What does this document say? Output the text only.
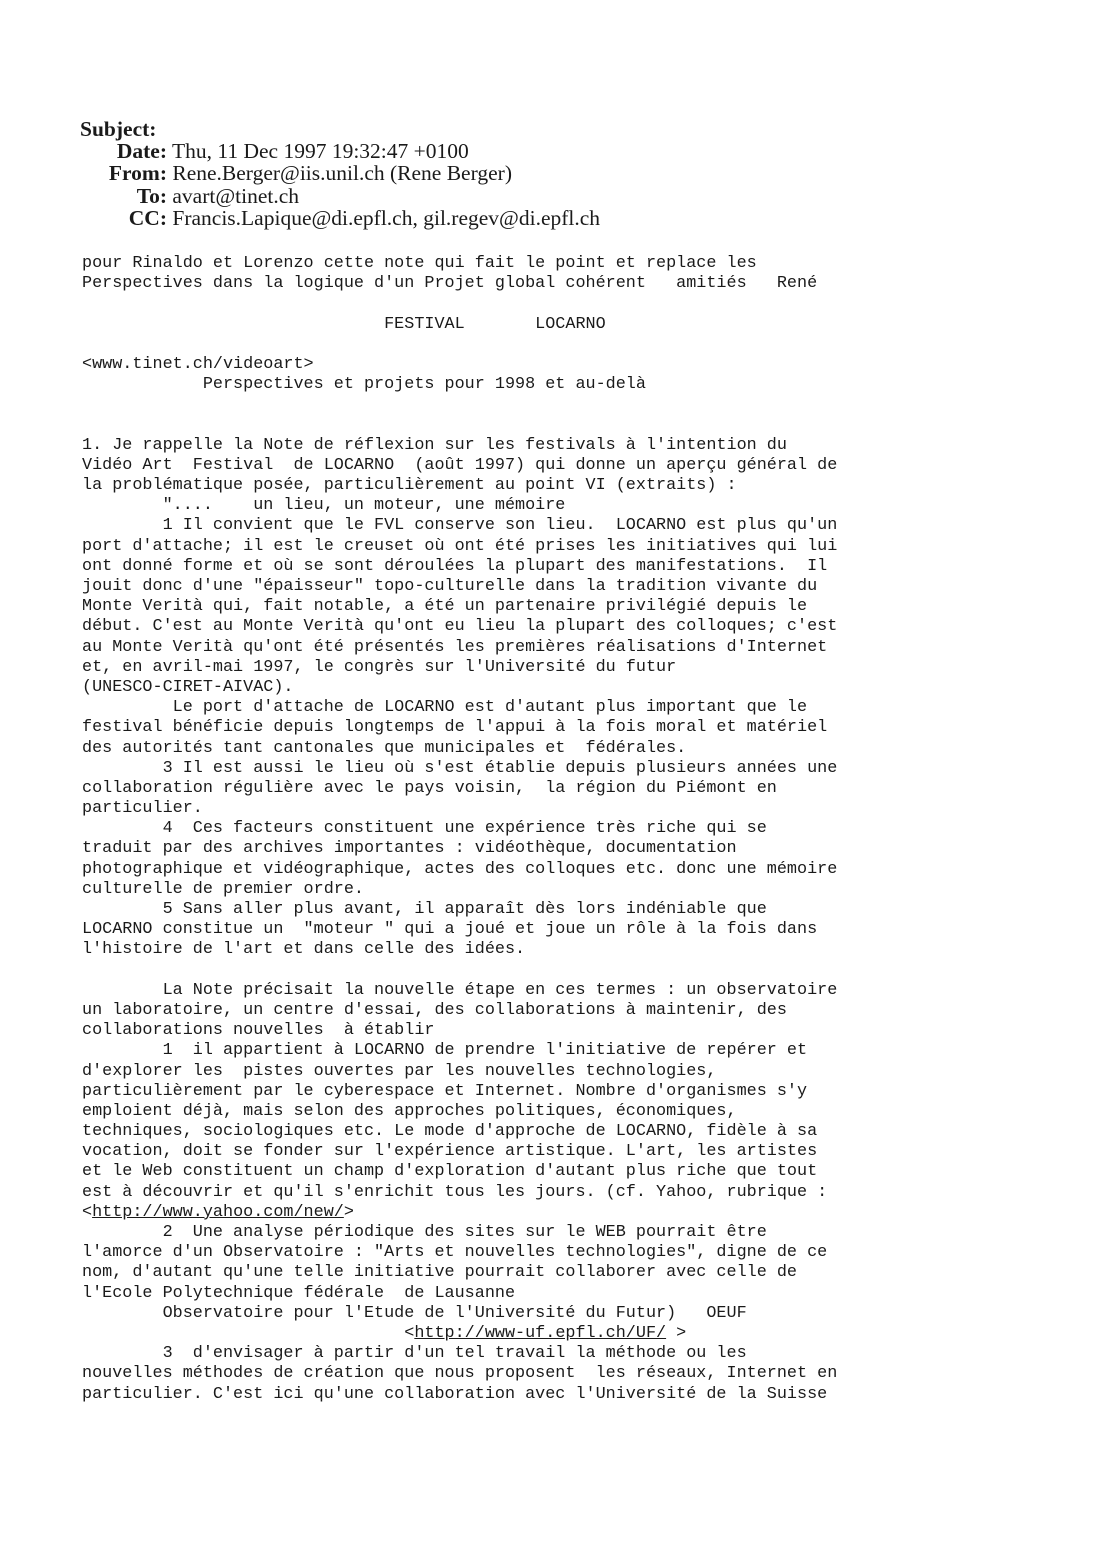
Subject:
Date: Thu, 11 Dec 1997 19:32:47 +0100
From: Rene.Berger@iis.unil.ch (Rene Berger)
To: avart@tinet.ch
CC: Francis.Lapique@di.epfl.ch, gil.regev@di.epfl.ch
pour Rinaldo et Lorenzo cette note qui fait le point et replace les
Perspectives dans la logique d'un Projet global cohérent   amitiés   René
FESTIVAL       LOCARNO
<www.tinet.ch/videoart>
Perspectives et projets pour 1998 et au-delà
1. Je rappelle la Note de réflexion sur les festivals à l'intention du
Vidéo Art  Festival  de LOCARNO  (août 1997) qui donne un aperçu général de
la problématique posée, particulièrement au point VI (extraits) :
"....    un lieu, un moteur, une mémoire
1 Il convient que le FVL conserve son lieu.  LOCARNO est plus qu'un
port d'attache; il est le creuset où ont été prises les initiatives qui lui
ont donné forme et où se sont déroulées la plupart des manifestations.  Il
jouit donc d'une "épaisseur" topo-culturelle dans la tradition vivante du
Monte Verità qui, fait notable, a été un partenaire privilégié depuis le
début. C'est au Monte Verità qu'ont eu lieu la plupart des colloques; c'est
au Monte Verità qu'ont été présentés les premières réalisations d'Internet
et, en avril-mai 1997, le congrès sur l'Université du futur
(UNESCO-CIRET-AIVAC).
Le port d'attache de LOCARNO est d'autant plus important que le
festival bénéficie depuis longtemps de l'appui à la fois moral et matériel
des autorités tant cantonales que municipales et  fédérales.
3 Il est aussi le lieu où s'est établie depuis plusieurs années une
collaboration régulière avec le pays voisin,  la région du Piémont en
particulier.
4  Ces facteurs constituent une expérience très riche qui se
traduit par des archives importantes : vidéothèque, documentation
photographique et vidéographique, actes des colloques etc. donc une mémoire
culturelle de premier ordre.
5 Sans aller plus avant, il apparaît dès lors indéniable que
LOCARNO constitue un  "moteur " qui a joué et joue un rôle à la fois dans
l'histoire de l'art et dans celle des idées.
La Note précisait la nouvelle étape en ces termes : un observatoire
un laboratoire, un centre d'essai, des collaborations à maintenir, des
collaborations nouvelles  à établir
1  il appartient à LOCARNO de prendre l'initiative de repérer et
d'explorer les  pistes ouvertes par les nouvelles technologies,
particulièrement par le cyberespace et Internet. Nombre d'organismes s'y
emploient déjà, mais selon des approches politiques, économiques,
techniques, sociologiques etc. Le mode d'approche de LOCARNO, fidèle à sa
vocation, doit se fonder sur l'expérience artistique. L'art, les artistes
et le Web constituent un champ d'exploration d'autant plus riche que tout
est à découvrir et qu'il s'enrichit tous les jours. (cf. Yahoo, rubrique :
<http://www.yahoo.com/new/>
2  Une analyse périodique des sites sur le WEB pourrait être
l'amorce d'un Observatoire : "Arts et nouvelles technologies", digne de ce
nom, d'autant qu'une telle initiative pourrait collaborer avec celle de
l'Ecole Polytechnique fédérale  de Lausanne
Observatoire pour l'Etude de l'Université du Futur)   OEUF
<http://www-uf.epfl.ch/UF/ >
3  d'envisager à partir d'un tel travail la méthode ou les
nouvelles méthodes de création que nous proposent  les réseaux, Internet en
particulier. C'est ici qu'une collaboration avec l'Université de la Suisse
